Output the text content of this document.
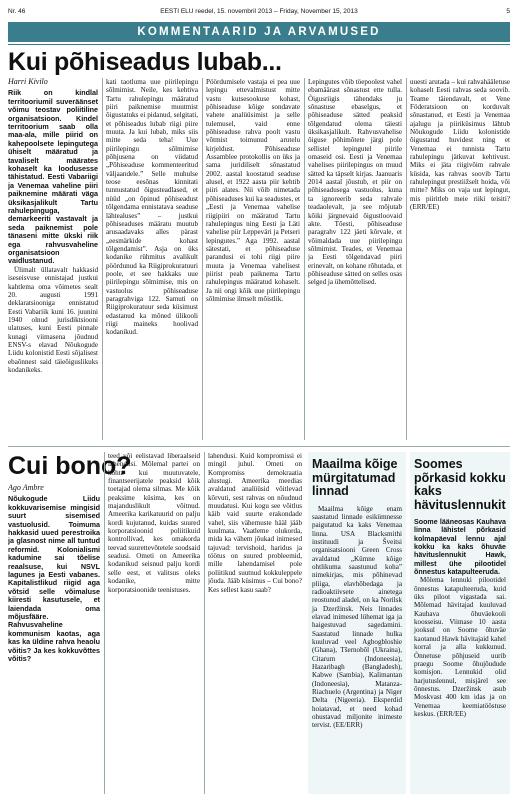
Nr. 46	EESTI ELU reedel, 15. novembril 2013 – Friday, November 15, 2013	5
KOMMENTAARID JA ARVAMUSED
Kui põhiseadus lubab...
Harri Kivilo

Riik on kindlal territooriumil suveräänset võimu teostav poliitiline organisatsioon. Kindel territoorium saab olla maa-ala, mille piirid on kahepoolsete lepingutega ühiselt määratud ja tavaliselt määrates kohaselt ka loodusesse tähistatud. Eesti Vabariigi ja Venemaa vaheline piiri paiknemine määrati väga üksikasjalikult Tartu rahulepinguga, demarkeeriti vastavalt ja seda paiknemist pole tänaseni mitte ükski riik ega rahvusvaheline organisatsioon vaidlustanud.

Ülimalt üllatavalt hakkasid iseseisvuse ennistajad justkui kahtlema oma võimetes sealt 20. augusti 1991 deklaratsiooniga ennistatud Eesti Vabariik kuni 16. juunini 1940 olnud jurisdiktsiooni ulatuses, kuni Eesti pinnale kunagi viimasena jõudnud ENSV-s elavad Nõukogude Liidu kolonistid Eesti sõjalisest ebaõnnest said täieõiguslikuks kodanikeks.

kati taotluma uue piirilepingu sõlmimist. Neile, kes kehtiva Tartu rahulepingu määratud piiri paiknemise muutmist õigustatuks ei pidanud, selgitati, et põhiseadus lubab riigi piire muuta. Ja kui lubab, miks siis mitte seda teha! Uue piirilepingu sõlmimise põhjusena on viidatud „Põhiseaduse kommenteeritud väljaandele.” Selle muhulse teose eesõnas kinnitati tunnustatud õigusteadlased, et nüüd „on õpinud põhiseadust tõlgendama ennistatava seaduse lähtealuses” – justkui põhiseaduses määratu muutub arusaadavaks alles pärast „eesmärkide kohast tõlgendamist”. Asja on üks kodanike rühmitus avalikult pöördunud ka Riigiprokuratuuri poole, et see hakkaks uue piirilepingu sõlmimise, mis on vastuolus põhiseaduse paragrahviga 122. Samuti on Riigiprokuratuur seda küsimust edastanud ka mõned ülikooli riigi maineks hoolivad kodanikud.

Pöördumisele vastaja ei pea uue lepingu ettevalmistust mitte vastu kutsesookuse kohast, põhiseaduse kõige sondavate vahete analüüsimist ja selle tulemusel, vaid enne põhiseaduse rahva poolt vastu võtmist toimunud arutelu kirjeldust. Põhiseaduse Assamblee protokollis on üks ja sama juridiliselt sõnastatud 2002. aastal koostatud seaduse alusel, et 1922 aasta piir kehtib piiri alates. Nii võib nimetada põhiseaduses kui ka seadustes, et „Eesti ja Venemaa vahelise riigipiiri on määratud Tartu rahulepingus ning Eesti ja Läti vahelise piir Leppeväri ja Petseri lepingutes.” Aga 1992. aastal sätestati, et põhiseaduse parandusi ei tohi riigi piire muuta ja Venemaa vahelisest piirist peab paiknema Tartu rahulepingus määratud kohaselt. Ja nii ongi kõik uue piirilepingu sõlmimise ilmselt mõistlik.

Lepingutes võib töepoolest vahel ebamäärast sõnastust ette tulla. Õigusriigis tähendaks ju sõnastuse ebaselgus, et põhiseaduse sätted peaksid tõlgendatud olema täiesti üksikasjalikult. Rahvusvahelise õiguse põhimõtete järgi pole sellistel lepingutel piirile omaseid osi. Eesti ja Venemaa vahelises piirilepingus on muud sätted ka täpselt kirjas. Jaanuaris 2014 aastal jõustub, et piir on põhiseadusega vastuolus, kuna ta ignoreerib seda rahvale teadaolevalt, ja see mõjutab kõiki järgnevaid õigustloovaid akte. Tõesti, põhiseaduse paragrahv 122 jäeti kõrvale, et võimaldada uue piirilepingu sõlmimist. Teades, et Venemaa ja Eesti tõlgendavad piiri erinevalt, on kohane rõhutada, et põhiseaduse sätted on selles osas selged ja ühemõttelised.

uuesti arutada – kui rahvahääletuse kohaselt Eesti rahvas seda soovib. Teame täiendavalt, et Vene Föderatsioon on korduvalt sõnastanud, et Eesti ja Venemaa ajalugu ja piiriküsimus lähtub Nõukogude Liidu kolonistide õigustatud huvidest ning et Venemaa ei tunnista Tartu rahulepingu jätkuvat kehtivust. Miks ei jäta riigivõim rahvale küsida, kas rahvas soovib Tartu rahulepingut prestiižselt hoida, või mitte? Miks on vaja uut lepingut, mis piiritleb meie riiki teisiti? (ERR/EE)

Cui bono?
Ago Ambre

Nõukogude Liidu kokkuvarisemise mingisid suurt sisemised vastuolusid. Toimuma hakkasid uued perestroika ja glasnost nime all tuntud reformid. Kolonialismi kadumine sai tõelise reaalsuse, kui NSVL lagunes ja Eesti vabanes. Kapitalistlikud riigid aga võtsid selle võimaluse kiiresti kasutusele, et laiendada oma mõjusfääre. Rahvusvaheline kommunism kaotas, aga kas ka üldine rahva heaolu võitis? Ja kes kokkuvõttes võitis?

teed või eelistavad liberaalseid lahendusi. Mõlemal partei on kohta kui muutuvatele, finantseerijatele peaksid kõik toetajad olema silmas. Me kõik peaksime küsima, kes on majanduslikult võitnud. Ameerika karikatuurid on palju kordi kujutanud, kuidas suured korporatsioonid poliitikuid kontrollivad, kes omakorda teevad suurettevõtetele soodsaid seadusi. Ometi on Ameerika kodanikud seisnud palju kordi selle eest, et valitsus oleks kodanike, mitte korporatsioonide teenistuses.

lahendusi. Kuid kompromissi ei mingil juhul. Ometi on Kompromiss demokraatia alustugi. Ameerika meedias avaldatud analüüsid võitlevad kõrvuti, sest rahvas on nõudnud muudatusi. Kui kogu see võitlus käib vaid suurte erakondade vahel, siis vähemuste hääl jääb kuulmata. Vaatleme olukorda, mida ka vähem jõukad inimesed tajuvad: tervishoid, haridus ja töötus on suured probleemid, mille lahendamisel pole poliitikud suutnud kokkuleppele jõuda. Jääb küsimus – Cui bono? Kes sellest kasu saab?

Maailma kõige mürgitatumad linnad

Maailma kõige enam saastatud linnade esikümnesse paigutatud ka kaks Venemaa linna. USA Blacksmithi instituudi ja Šveitsi organisatsiooni Green Cross avaldatud „Kümne kõige ohtlikuma saastunud koha” nimekirjas, mis põhinevad pliiga, elavhõbedaga ja radioaktiivsete ainetega reostunud aladel, on ka Norilsk ja Dzeržinsk. Neis linnades elavad inimesed lühemat iga ja haigestuvad sagedamini. Saastatud linnade hulka kuuluvad veel Agbogbloshie (Ghana), Tšernobõl (Ukraina), Citarum (Indoneesia), Hazaribagh (Bangladesh), Kabwe (Sambia), Kalimantan (Indoneesia), Matanza-Riachuelo (Argentina) ja Niger Delta (Nigeeria). Eksperdid hoiatavad, et need kohad ohustavad miljonite inimeste tervist. (EE/ERR)

Soomes põrkasid kokku kaks hävituslennukit

Soome lääneosas Kauhava linna lähistel põrkasid kolmapäeval lennu ajal kokku ka kaks õhuväe hävituslennukit Hawk, millest ühe pilootidel õnnestus katapulteeruda.

Mõlema lennuki pilootidel õnnestus katapulteeruda, kuid üks piloot vigastada sai. Mõlemad hävitajad kuuluvad Kauhava õhuväekooli koosseisu. Viimase 10 aasta jooksul on Soome õhuväe kaotanud Hawk hävitajaid kahel korral ja alla kukkunud. Õnnetuse põhjuseid uurib praegu Soome õhujõudude komisjon. Lennukid olid harjutuslennul, misjärel see õnnestus. Dzeržinsk asub Moskvast 400 km idas ja on Venemaa keemiatööstuse keskus. (ERR/EE)
